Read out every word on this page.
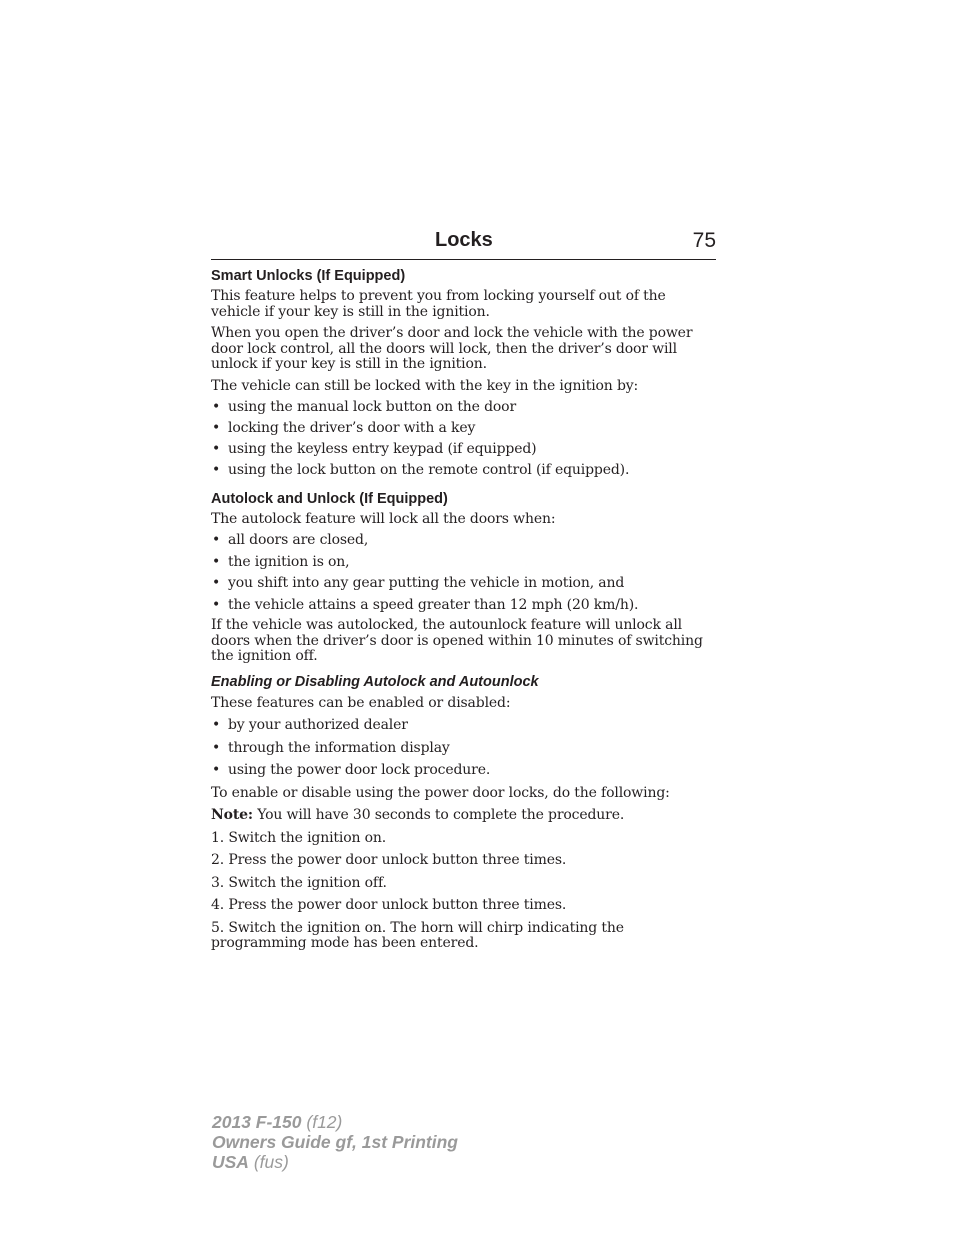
Locks	75
Smart Unlocks (If Equipped)

This feature helps to prevent you from locking yourself out of the vehicle if your key is still in the ignition.

When you open the driver’s door and lock the vehicle with the power door lock control, all the doors will lock, then the driver’s door will unlock if your key is still in the ignition.

The vehicle can still be locked with the key in the ignition by:

• using the manual lock button on the door
• locking the driver’s door with a key
• using the keyless entry keypad (if equipped)
• using the lock button on the remote control (if equipped).
Autolock and Unlock (If Equipped)

The autolock feature will lock all the doors when:

• all doors are closed,
• the ignition is on,
• you shift into any gear putting the vehicle in motion, and
• the vehicle attains a speed greater than 12 mph (20 km/h).

If the vehicle was autolocked, the autounlock feature will unlock all doors when the driver’s door is opened within 10 minutes of switching the ignition off.

Enabling or Disabling Autolock and Autounlock

These features can be enabled or disabled:

• by your authorized dealer
• through the information display
• using the power door lock procedure.

To enable or disable using the power door locks, do the following:

Note: You will have 30 seconds to complete the procedure.

1. Switch the ignition on.

2. Press the power door unlock button three times.

3. Switch the ignition off.

4. Press the power door unlock button three times.

5. Switch the ignition on. The horn will chirp indicating the programming mode has been entered.

2013 F-150 (f12)
Owners Guide gf, 1st Printing
USA (fus)
